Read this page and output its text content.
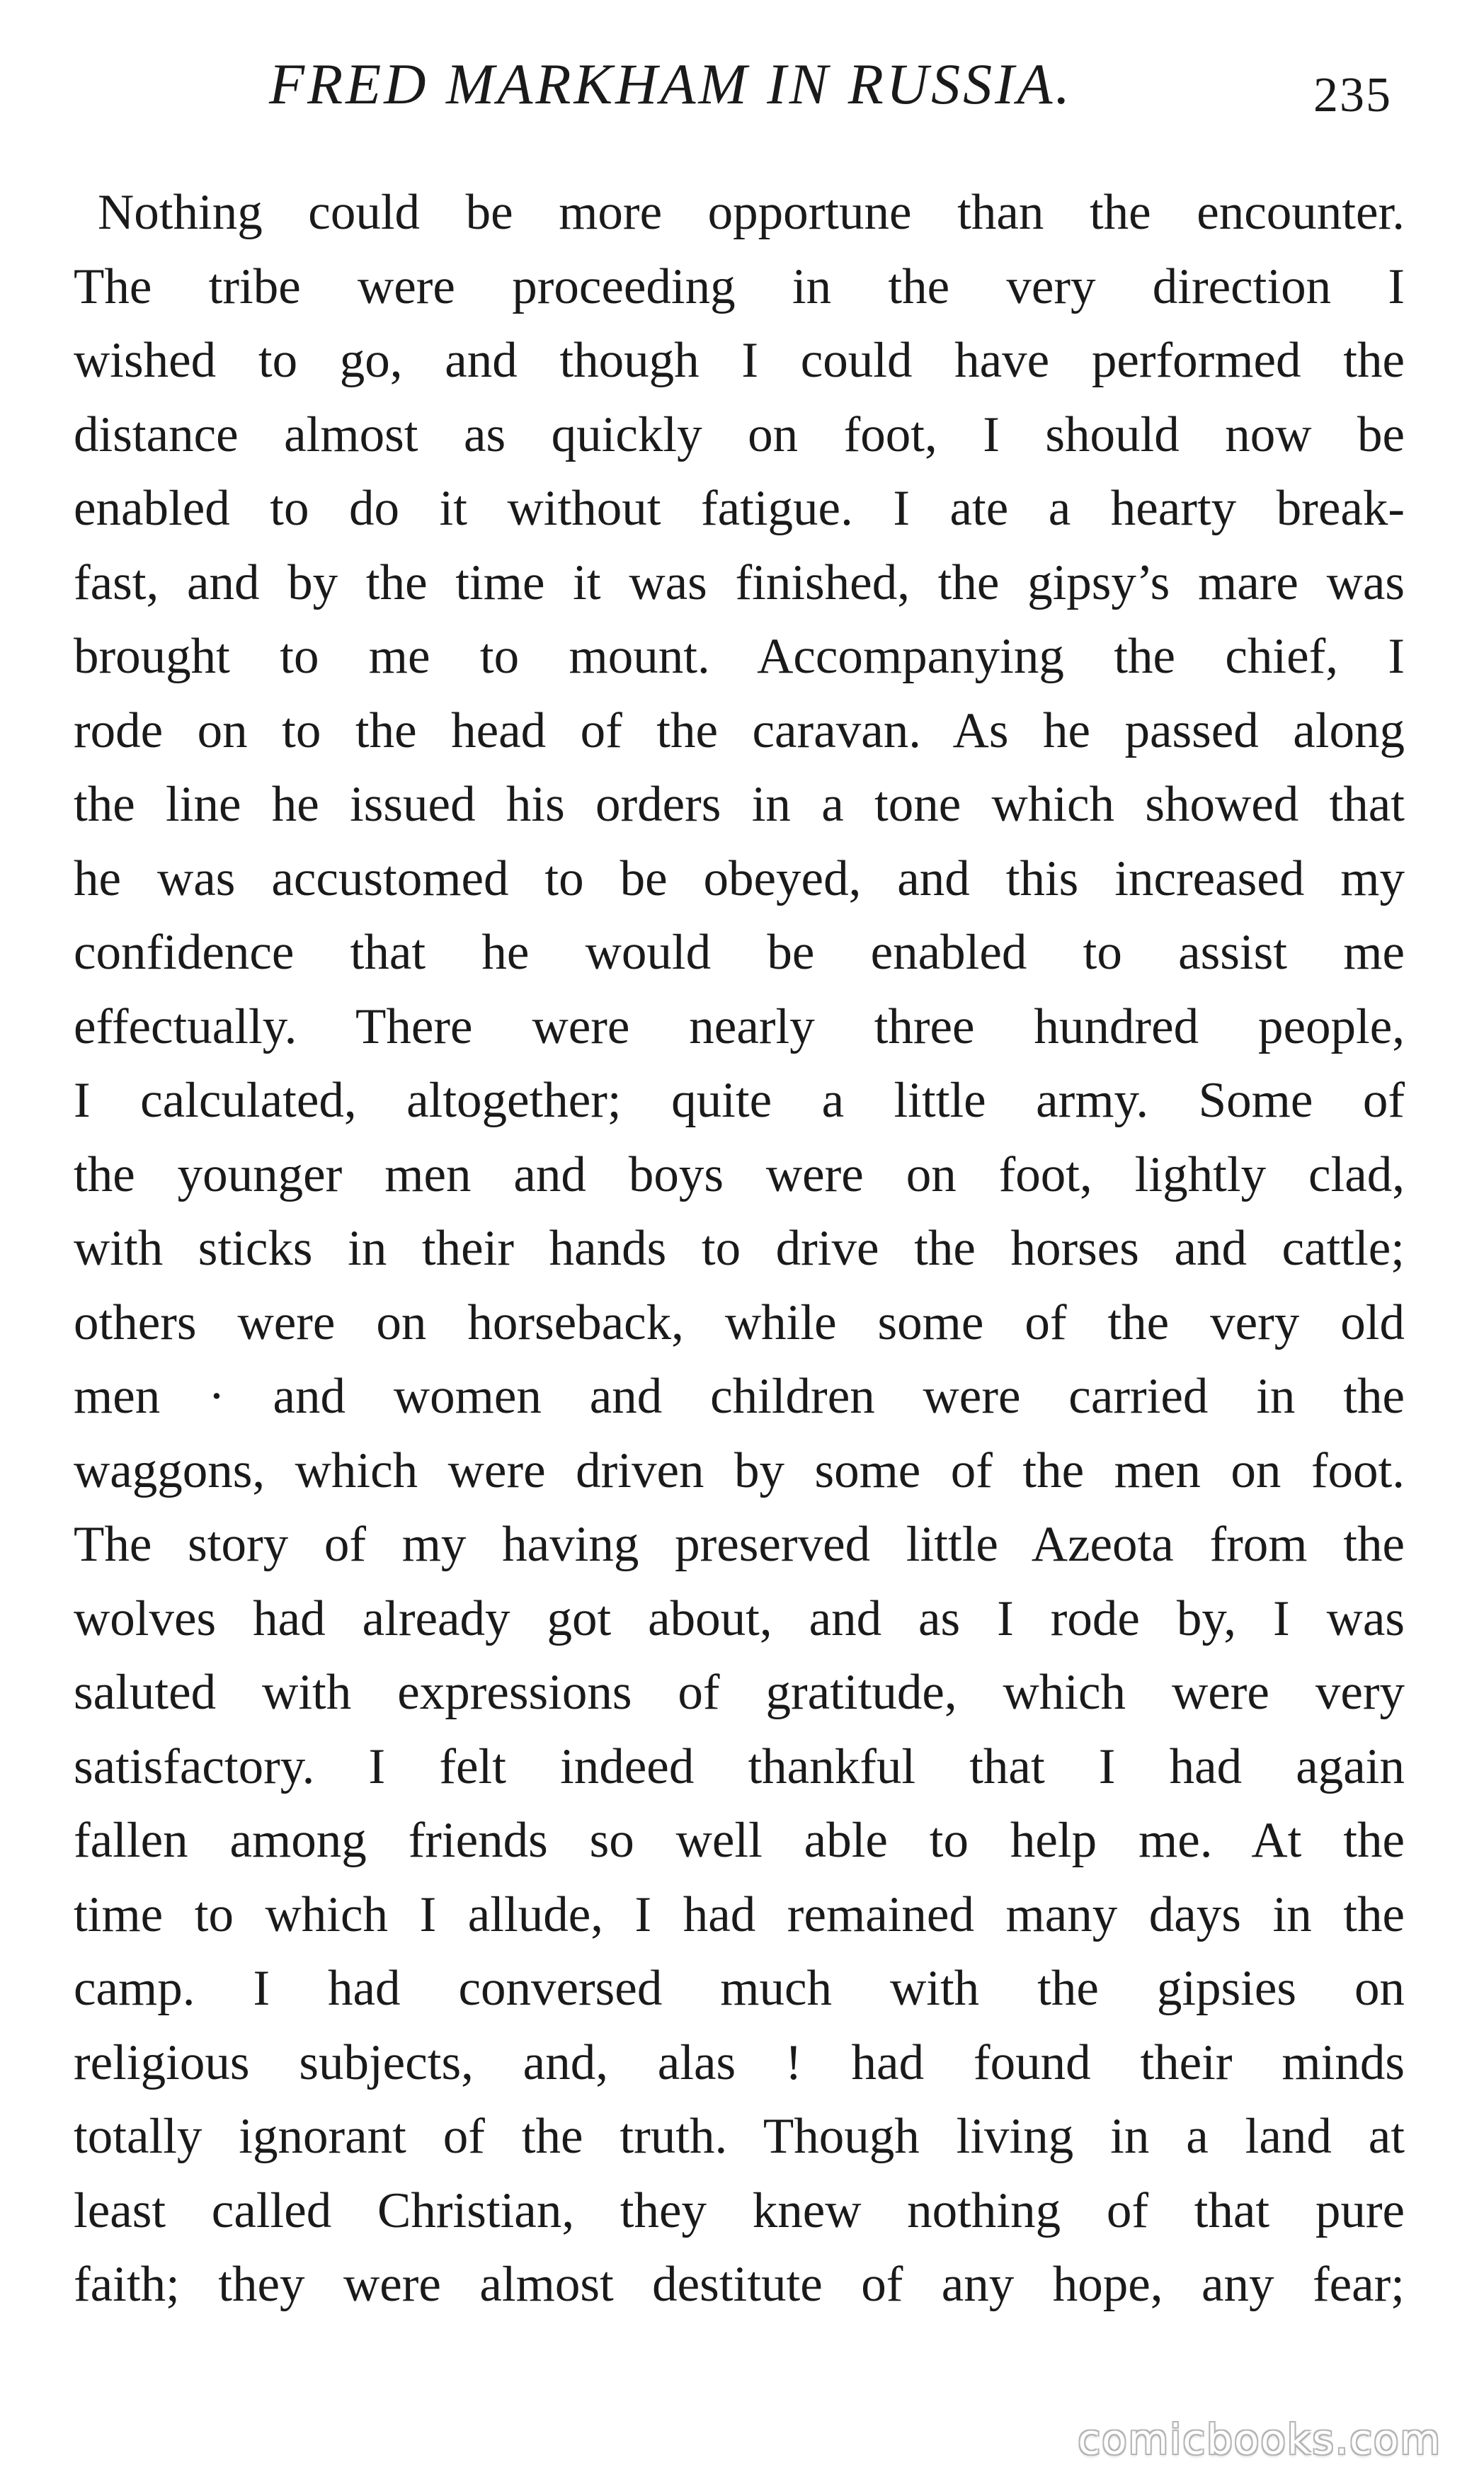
FRED MARKHAM IN RUSSIA.	235
Nothing could be more opportune than the encounter.
The tribe were proceeding in the very direction I
wished to go, and though I could have performed the
distance almost as quickly on foot, I should now be
enabled to do it without fatigue. I ate a hearty break-
fast, and by the time it was finished, the gipsy’s mare was
brought to me to mount. Accompanying the chief, I
rode on to the head of the caravan. As he passed along
the line he issued his orders in a tone which showed that
he was accustomed to be obeyed, and this increased my
confidence that he would be enabled to assist me
effectually. There were nearly three hundred people,
I calculated, altogether; quite a little army. Some of
the younger men and boys were on foot, lightly clad,
with sticks in their hands to drive the horses and cattle;
others were on horseback, while some of the very old
men · and women and children were carried in the
waggons, which were driven by some of the men on foot.
The story of my having preserved little Azeota from the
wolves had already got about, and as I rode by, I was
saluted with expressions of gratitude, which were very
satisfactory. I felt indeed thankful that I had again
fallen among friends so well able to help me. At the
time to which I allude, I had remained many days in the
camp. I had conversed much with the gipsies on
religious subjects, and, alas ! had found their minds
totally ignorant of the truth. Though living in a land at
least called Christian, they knew nothing of that pure
faith; they were almost destitute of any hope, any fear;
comicbooks.com
